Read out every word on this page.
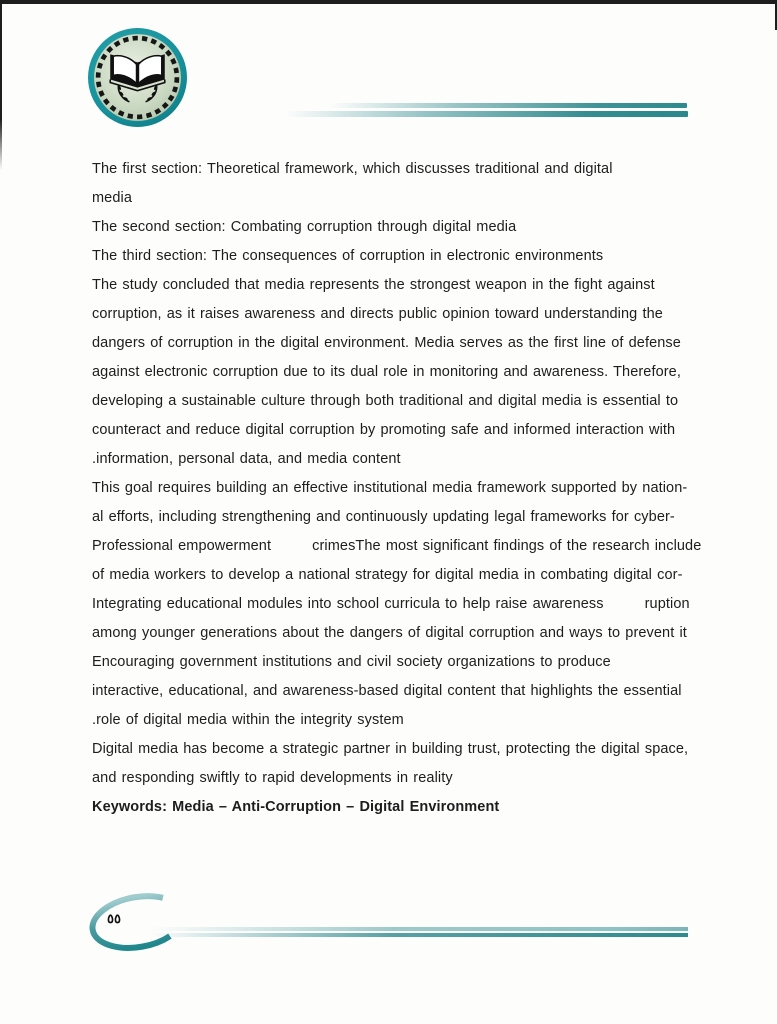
The first section: Theoretical framework, which discusses traditional and digital
media
The second section: Combating corruption through digital media
The third section: The consequences of corruption in electronic environments
The study concluded that media represents the strongest weapon in the fight against
corruption, as it raises awareness and directs public opinion toward understanding the
dangers of corruption in the digital environment. Media serves as the first line of defense
against electronic corruption due to its dual role in monitoring and awareness. Therefore,
developing a sustainable culture through both traditional and digital media is essential to
counteract and reduce digital corruption by promoting safe and informed interaction with
.information, personal data, and media content
This goal requires building an effective institutional media framework supported by nation-
al efforts, including strengthening and continuously updating legal frameworks for cyber-
Professional empowerment        crimesThe most significant findings of the research include
of media workers to develop a national strategy for digital media in combating digital cor-
Integrating educational modules into school curricula to help raise awareness        ruption
among younger generations about the dangers of digital corruption and ways to prevent it
Encouraging government institutions and civil society organizations to produce
interactive, educational, and awareness-based digital content that highlights the essential
.role of digital media within the integrity system
Digital media has become a strategic partner in building trust, protecting the digital space,
and responding swiftly to rapid developments in reality
Keywords: Media – Anti-Corruption – Digital Environment
٥٥
